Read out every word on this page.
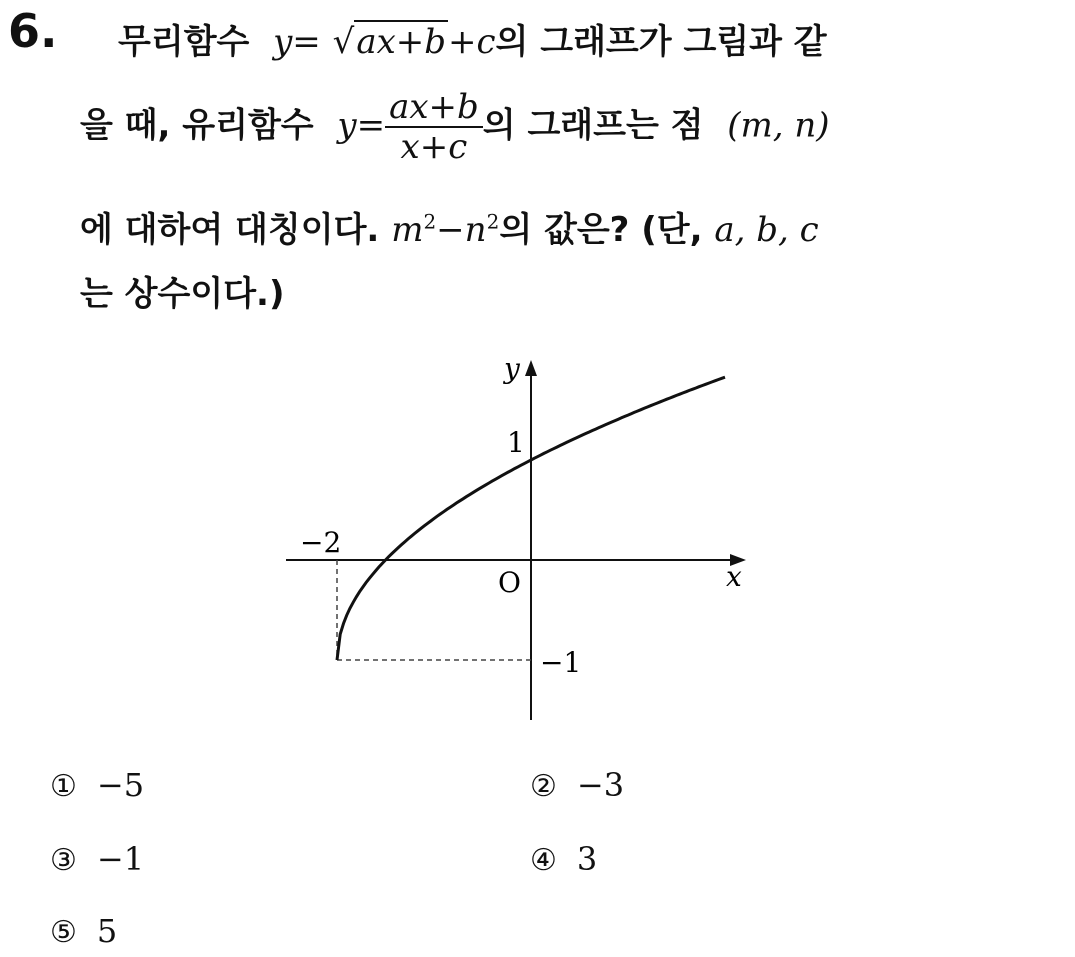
6. 무리함수 y= √ax+b+c의 그래프가 그림과 같
을 때, 유리함수 $y= \frac{ax+b}{x+c}$ 의 그래프는 점 (m, n)
에 대하여 대칭이다. $m^2-n^2$의 값은? (단, a, b, c
는 상수이다.)
y
x
O
1
−2
−1
① −5	② −3
③ −1	④ 3
⑤ 5
